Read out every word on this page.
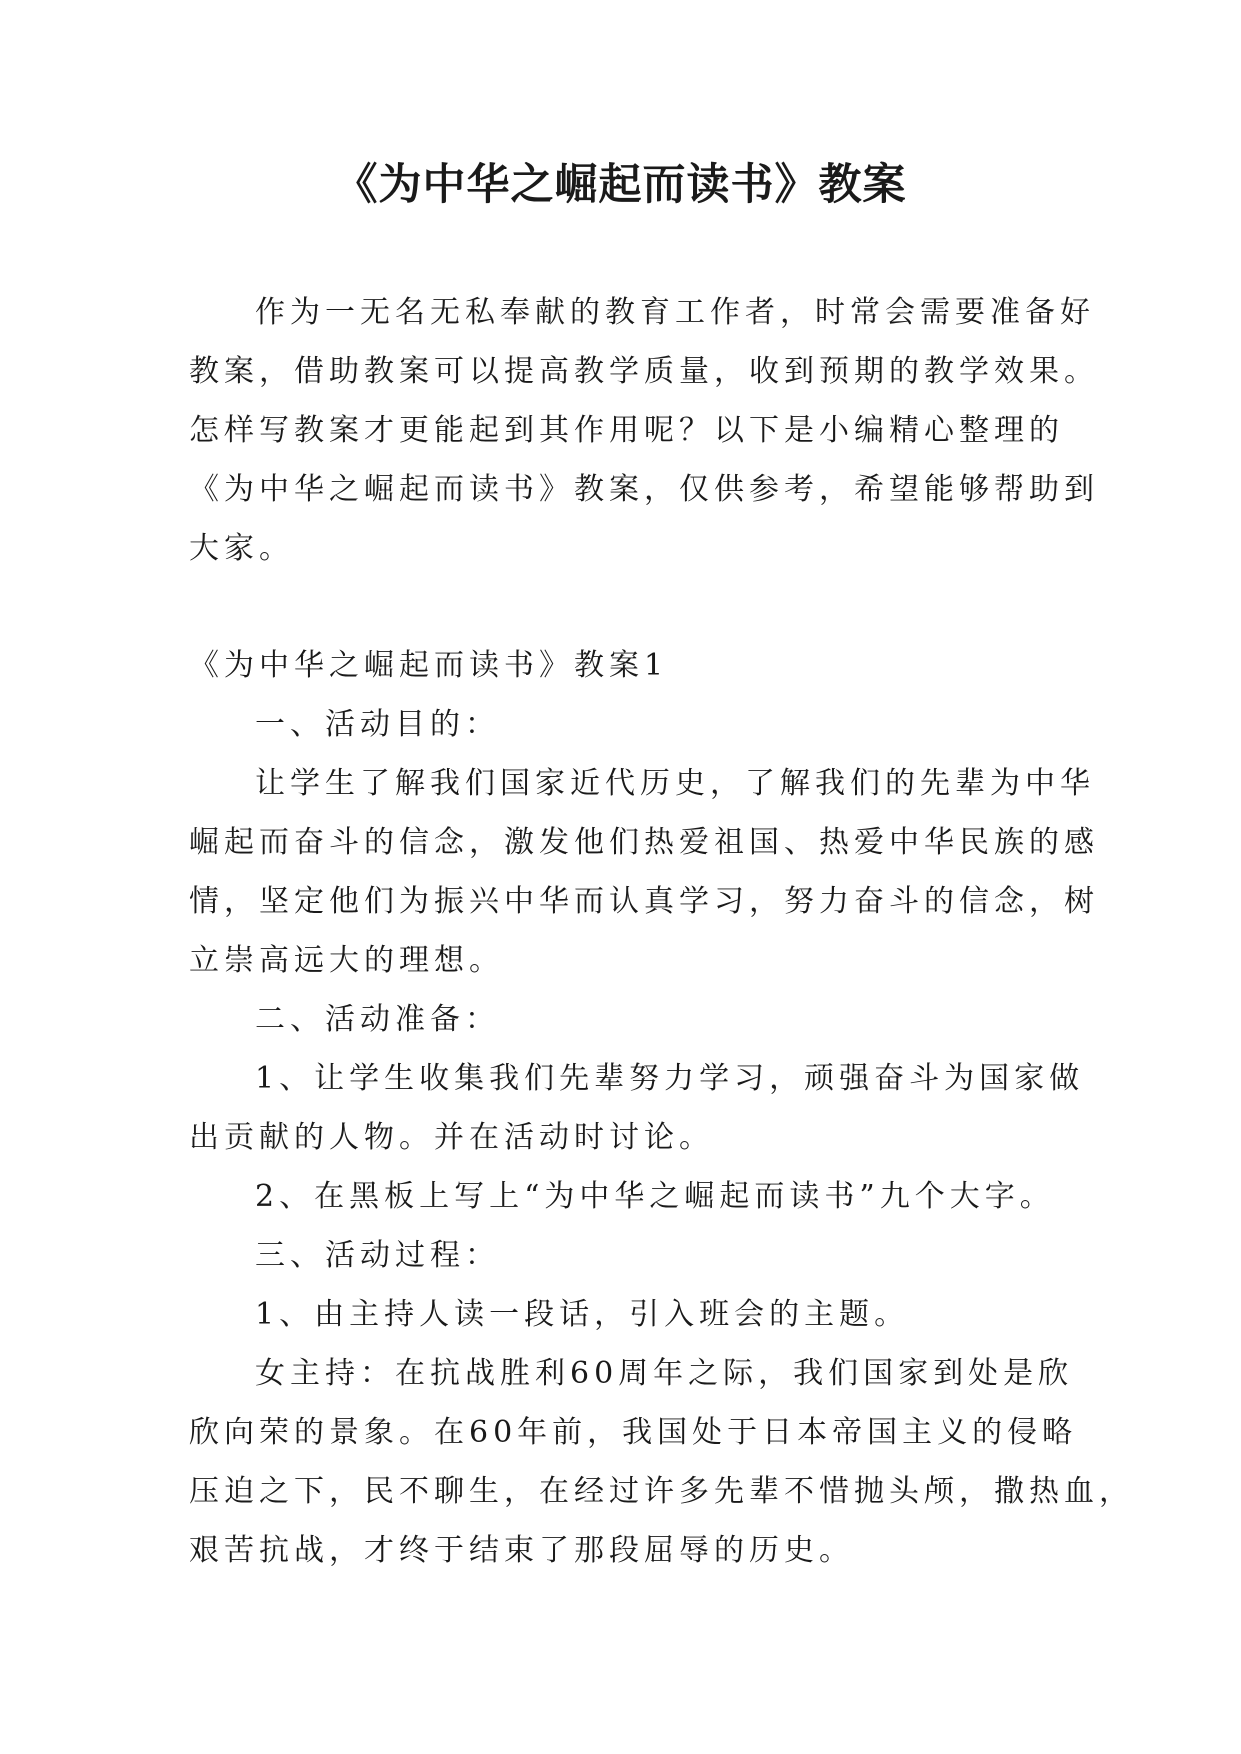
《为中华之崛起而读书》教案
作为一无名无私奉献的教育工作者，时常会需要准备好
教案，借助教案可以提高教学质量，收到预期的教学效果。
怎样写教案才更能起到其作用呢？以下是小编精心整理的
《为中华之崛起而读书》教案，仅供参考，希望能够帮助到
大家。
《为中华之崛起而读书》教案1
一、活动目的：
让学生了解我们国家近代历史，了解我们的先辈为中华
崛起而奋斗的信念，激发他们热爱祖国、热爱中华民族的感
情，坚定他们为振兴中华而认真学习，努力奋斗的信念，树
立崇高远大的理想。
二、活动准备：
1、让学生收集我们先辈努力学习，顽强奋斗为国家做
出贡献的人物。并在活动时讨论。
2、在黑板上写上“为中华之崛起而读书”九个大字。
三、活动过程：
1、由主持人读一段话，引入班会的主题。
女主持：在抗战胜利60周年之际，我们国家到处是欣
欣向荣的景象。在60年前，我国处于日本帝国主义的侵略
压迫之下，民不聊生，在经过许多先辈不惜抛头颅，撒热血，
艰苦抗战，才终于结束了那段屈辱的历史。
